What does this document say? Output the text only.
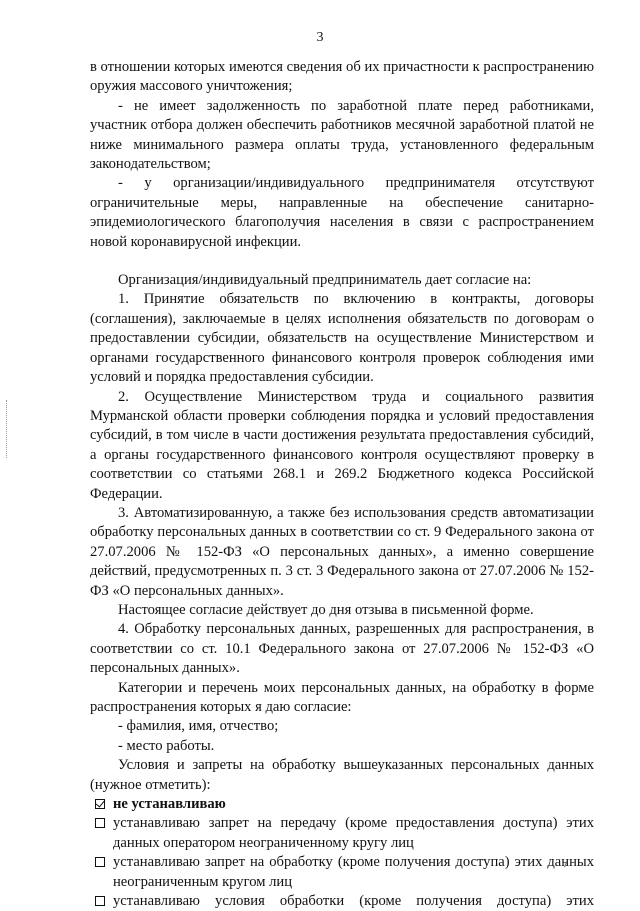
3

в отношении которых имеются сведения об их причастности к распространению оружия массового уничтожения;

- не имеет задолженность по заработной плате перед работниками, участник отбора должен обеспечить работников месячной заработной платой не ниже минимального размера оплаты труда, установленного федеральным законодательством;

- у организации/индивидуального предпринимателя отсутствуют ограничительные меры, направленные на обеспечение санитарно-эпидемиологического благополучия населения в связи с распространением новой коронавирусной инфекции.

Организация/индивидуальный предприниматель дает согласие на:

1. Принятие обязательств по включению в контракты, договоры (соглашения), заключаемые в целях исполнения обязательств по договорам о предоставлении субсидии, обязательств на осуществление Министерством и органами государственного финансового контроля проверок соблюдения ими условий и порядка предоставления субсидии.

2. Осуществление Министерством труда и социального развития Мурманской области проверки соблюдения порядка и условий предоставления субсидий, в том числе в части достижения результата предоставления субсидий, а органы государственного финансового контроля осуществляют проверку в соответствии со статьями 268.1 и 269.2 Бюджетного кодекса Российской Федерации.

3. Автоматизированную, а также без использования средств автоматизации обработку персональных данных в соответствии со ст. 9 Федерального закона от 27.07.2006 № 152-ФЗ «О персональных данных», а именно совершение действий, предусмотренных п. 3 ст. 3 Федерального закона от 27.07.2006 № 152-ФЗ «О персональных данных».

Настоящее согласие действует до дня отзыва в письменной форме.

4. Обработку персональных данных, разрешенных для распространения, в соответствии со ст. 10.1 Федерального закона от 27.07.2006 № 152-ФЗ «О персональных данных».

Категории и перечень моих персональных данных, на обработку в форме распространения которых я даю согласие:

- фамилия, имя, отчество;

- место работы.

Условия и запреты на обработку вышеуказанных персональных данных (нужное отметить):

не устанавливаю
устанавливаю запрет на передачу (кроме предоставления доступа) этих данных оператором неограниченному кругу лиц
устанавливаю запрет на обработку (кроме получения доступа) этих данных неограниченным кругом лиц
устанавливаю условия обработки (кроме получения доступа) этих
